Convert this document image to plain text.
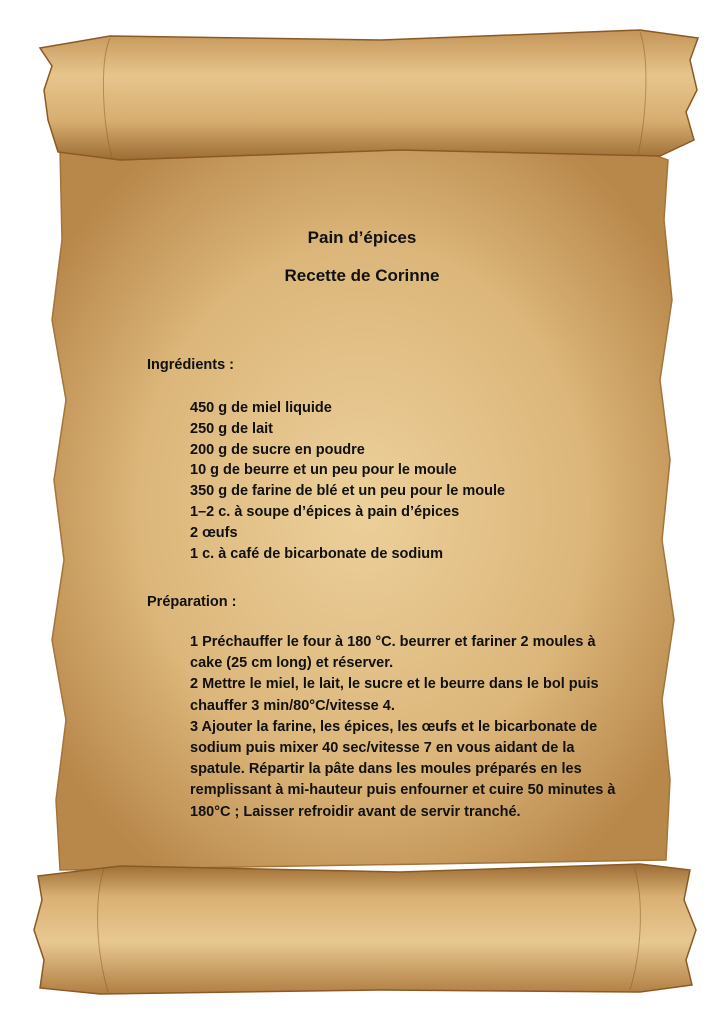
Pain d’épices
Recette de Corinne
Ingrédients :
450 g de miel liquide
250 g de lait
200 g de sucre en poudre
10 g de beurre et un peu pour le moule
350 g de farine de blé et un peu pour le moule
1–2 c. à soupe d’épices à pain d’épices
2 œufs
1 c. à café de bicarbonate de sodium
Préparation :

1 Préchauffer le four à 180 °C. beurrer et fariner 2 moules à cake (25 cm long) et réserver.

2 Mettre le miel, le lait, le sucre et le beurre dans le bol puis chauffer 3 min/80°C/vitesse 4.

3 Ajouter la farine, les épices, les œufs et le bicarbonate de sodium puis mixer 40 sec/vitesse 7 en vous aidant de la spatule. Répartir la pâte dans les moules préparés en les remplissant à mi-hauteur puis enfourner et cuire 50 minutes à 180°C ; Laisser refroidir avant de servir tranché.
